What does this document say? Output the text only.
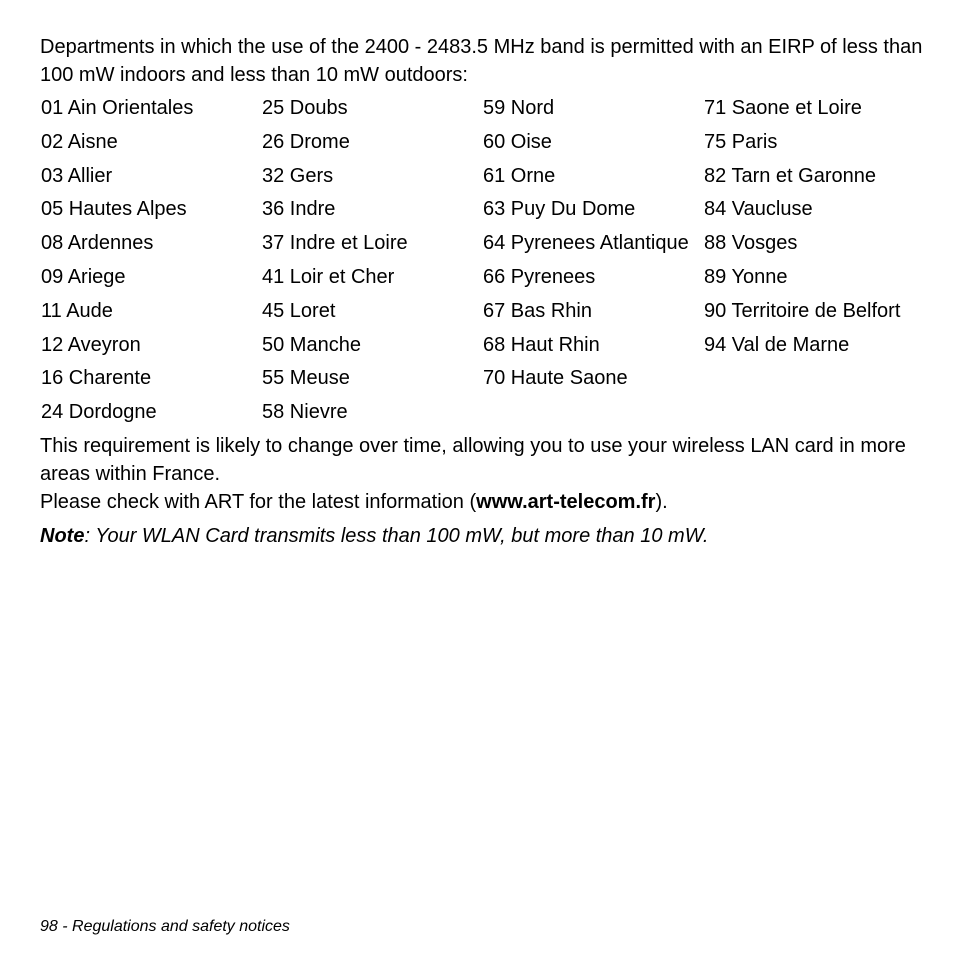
Departments in which the use of the 2400 - 2483.5 MHz band is permitted with an EIRP of less than 100 mW indoors and less than 10 mW outdoors:

01 Ain Orientales
02 Aisne
03 Allier
05 Hautes Alpes
08 Ardennes
09 Ariege
11 Aude
12 Aveyron
16 Charente
24 Dordogne
25 Doubs
26 Drome
32 Gers
36 Indre
37 Indre et Loire
41 Loir et Cher
45 Loret
50 Manche
55 Meuse
58 Nievre
59 Nord
60 Oise
61 Orne
63 Puy Du Dome
64 Pyrenees Atlantique
66 Pyrenees
67 Bas Rhin
68 Haut Rhin
70 Haute Saone
71 Saone et Loire
75 Paris
82 Tarn et Garonne
84 Vaucluse
88 Vosges
89 Yonne
90 Territoire de Belfort
94 Val de Marne

This requirement is likely to change over time, allowing you to use your wireless LAN card in more areas within France.

Please check with ART for the latest information (www.art-telecom.fr).

Note: Your WLAN Card transmits less than 100 mW, but more than 10 mW.

98 - Regulations and safety notices
